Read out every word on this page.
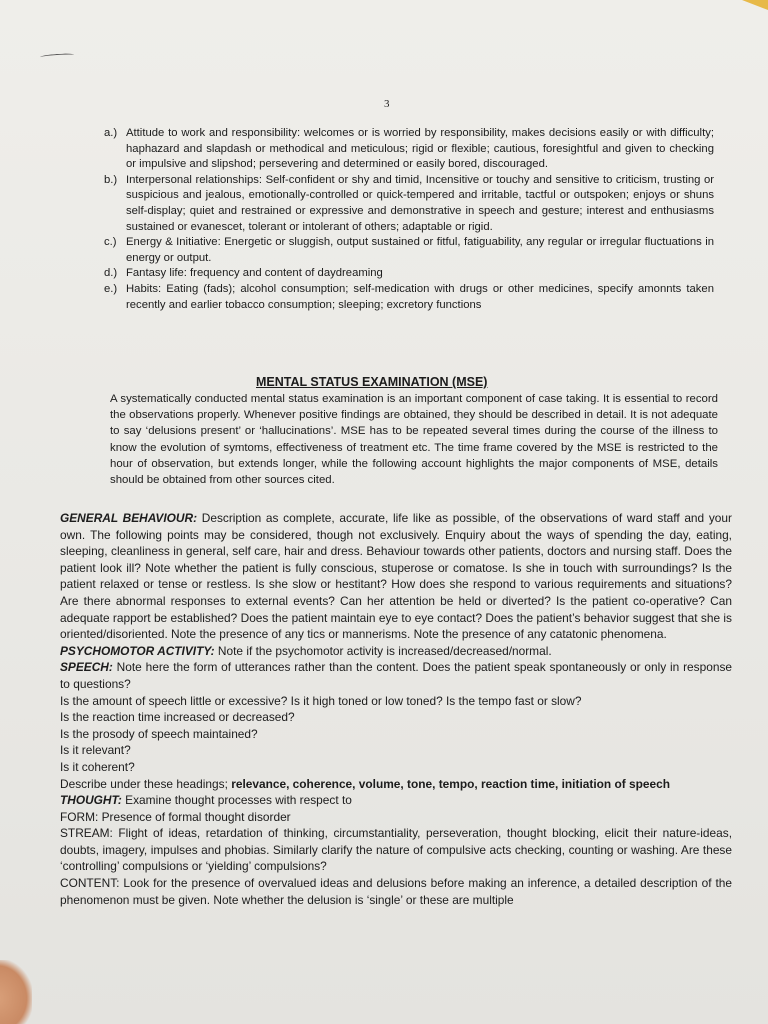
3
a.) Attitude to work and responsibility: welcomes or is worried by responsibility, makes decisions easily or with difficulty; haphazard and slapdash or methodical and meticulous; rigid or flexible; cautious, foresightful and given to checking or impulsive and slipshod; persevering and determined or easily bored, discouraged.
b.) Interpersonal relationships: Self-confident or shy and timid, Incensitive or touchy and sensitive to criticism, trusting or suspicious and jealous, emotionally-controlled or quick-tempered and irritable, tactful or outspoken; enjoys or shuns self-display; quiet and restrained or expressive and demonstrative in speech and gesture; interest and enthusiasms sustained or evanescet, tolerant or intolerant of others; adaptable or rigid.
c.) Energy & Initiative: Energetic or sluggish, output sustained or fitful, fatiguability, any regular or irregular fluctuations in energy or output.
d.) Fantasy life: frequency and content of daydreaming
e.) Habits: Eating (fads); alcohol consumption; self-medication with drugs or other medicines, specify amonnts taken recently and earlier tobacco consumption; sleeping; excretory functions
MENTAL STATUS EXAMINATION (MSE)

A systematically conducted mental status examination is an important component of case taking. It is essential to record the observations properly. Whenever positive findings are obtained, they should be described in detail. It is not adequate to say ‘delusions present’ or ‘hallucinations’. MSE has to be repeated several times during the course of the illness to know the evolution of symtoms, effectiveness of treatment etc. The time frame covered by the MSE is restricted to the hour of observation, but extends longer, while the following account highlights the major components of MSE, details should be obtained from other sources cited.

GENERAL BEHAVIOUR: Description as complete, accurate, life like as possible, of the observations of ward staff and your own. The following points may be considered, though not exclusively. Enquiry about the ways of spending the day, eating, sleeping, cleanliness in general, self care, hair and dress. Behaviour towards other patients, doctors and nursing staff. Does the patient look ill? Note whether the patient is fully conscious, stuperose or comatose. Is she in touch with surroundings? Is the patient relaxed or tense or restless. Is she slow or hestitant? How does she respond to various requirements and situations? Are there abnormal responses to external events? Can her attention be held or diverted? Is the patient co-operative? Can adequate rapport be established? Does the patient maintain eye to eye contact? Does the patient’s behavior suggest that she is oriented/disoriented. Note the presence of any tics or mannerisms. Note the presence of any catatonic phenomena.

PSYCHOMOTOR ACTIVITY: Note if the psychomotor activity is increased/decreased/normal.

SPEECH: Note here the form of utterances rather than the content. Does the patient speak spontaneously or only in response to questions?

Is the amount of speech little or excessive? Is it high toned or low toned? Is the tempo fast or slow?

Is the reaction time increased or decreased?

Is the prosody of speech maintained?

Is it relevant?

Is it coherent?

Describe under these headings; relevance, coherence, volume, tone, tempo, reaction time, initiation of speech

THOUGHT: Examine thought processes with respect to

FORM: Presence of formal thought disorder

STREAM: Flight of ideas, retardation of thinking, circumstantiality, perseveration, thought blocking, elicit their nature-ideas, doubts, imagery, impulses and phobias. Similarly clarify the nature of compulsive acts checking, counting or washing. Are these ‘controlling’ compulsions or ‘yielding’ compulsions?

CONTENT: Look for the presence of overvalued ideas and delusions before making an inference, a detailed description of the phenomenon must be given. Note whether the delusion is ‘single’ or these are multiple
